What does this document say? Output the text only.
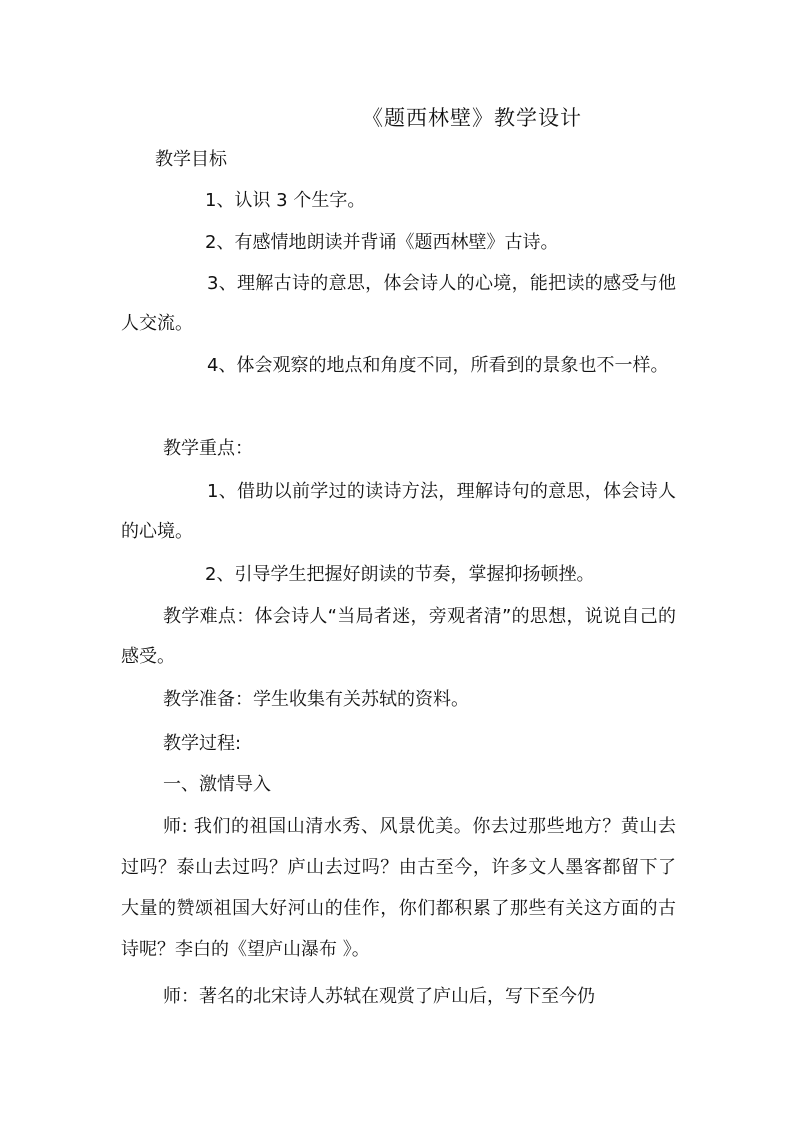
《题西林壁》教学设计
教学目标
1、认识 3 个生字。
2、有感情地朗读并背诵《题西林壁》古诗。
3、理解古诗的意思，体会诗人的心境，能把读的感受与他人交流。
4、体会观察的地点和角度不同，所看到的景象也不一样。
教学重点：
1、借助以前学过的读诗方法，理解诗句的意思，体会诗人的心境。
2、引导学生把握好朗读的节奏，掌握抑扬顿挫。
教学难点：体会诗人“当局者迷，旁观者清”的思想，说说自己的感受。
教学准备：学生收集有关苏轼的资料。
教学过程:
一、激情导入
师: 我们的祖国山清水秀、风景优美。你去过那些地方？黄山去过吗？泰山去过吗？庐山去过吗？由古至今，许多文人墨客都留下了大量的赞颂祖国大好河山的佳作，你们都积累了那些有关这方面的古诗呢？李白的《望庐山瀑布 》。
师：著名的北宋诗人苏轼在观赏了庐山后，写下至今仍
